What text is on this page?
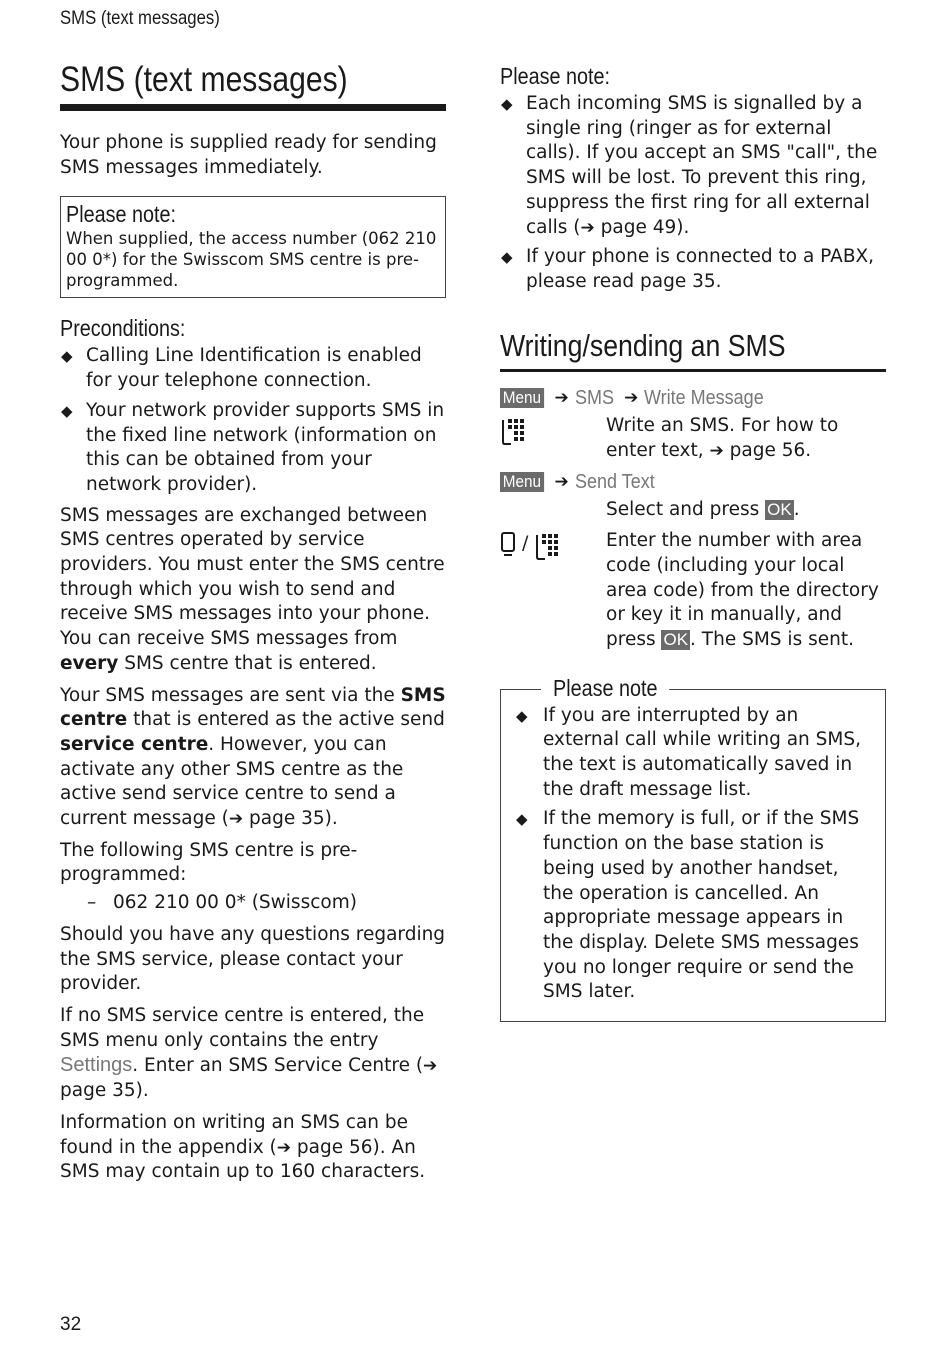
SMS (text messages)
SMS (text messages)

Your phone is supplied ready for sending SMS messages immediately.

Please note:

When supplied, the access number (062 210 00 0*) for the Swisscom SMS centre is pre-programmed.

Preconditions:
◆ Calling Line Identification is enabled for your telephone connection.
◆ Your network provider supports SMS in the fixed line network (information on this can be obtained from your network provider).

SMS messages are exchanged between SMS centres operated by service providers. You must enter the SMS centre through which you wish to send and receive SMS messages into your phone. You can receive SMS messages from every SMS centre that is entered.

Your SMS messages are sent via the SMS centre that is entered as the active send service centre. However, you can activate any other SMS centre as the active send service centre to send a current message (➔ page 35).

The following SMS centre is pre-programmed:

– 062 210 00 0* (Swisscom)

Should you have any questions regarding the SMS service, please contact your provider.

If no SMS service centre is entered, the SMS menu only contains the entry Settings. Enter an SMS Service Centre (➔ page 35).

Information on writing an SMS can be found in the appendix (➔ page 56). An SMS may contain up to 160 characters.

Please note:
◆ Each incoming SMS is signalled by a single ring (ringer as for external calls). If you accept an SMS "call", the SMS will be lost. To prevent this ring, suppress the first ring for all external calls (➔ page 49).
◆ If your phone is connected to a PABX, please read page 35.
Writing/sending an SMS
Menu ➔ SMS ➔ Write Message
Write an SMS. For how to enter text, ➔ page 56.
Menu ➔ Send Text
Select and press OK .
/	Enter the number with area code (including your local area code) from the directory or key it in manually, and press OK . The SMS is sent.
Please note
◆ If you are interrupted by an external call while writing an SMS, the text is automatically saved in the draft message list.
◆ If the memory is full, or if the SMS function on the base station is being used by another handset, the operation is cancelled. An appropriate message appears in the display. Delete SMS messages you no longer require or send the SMS later.
32
